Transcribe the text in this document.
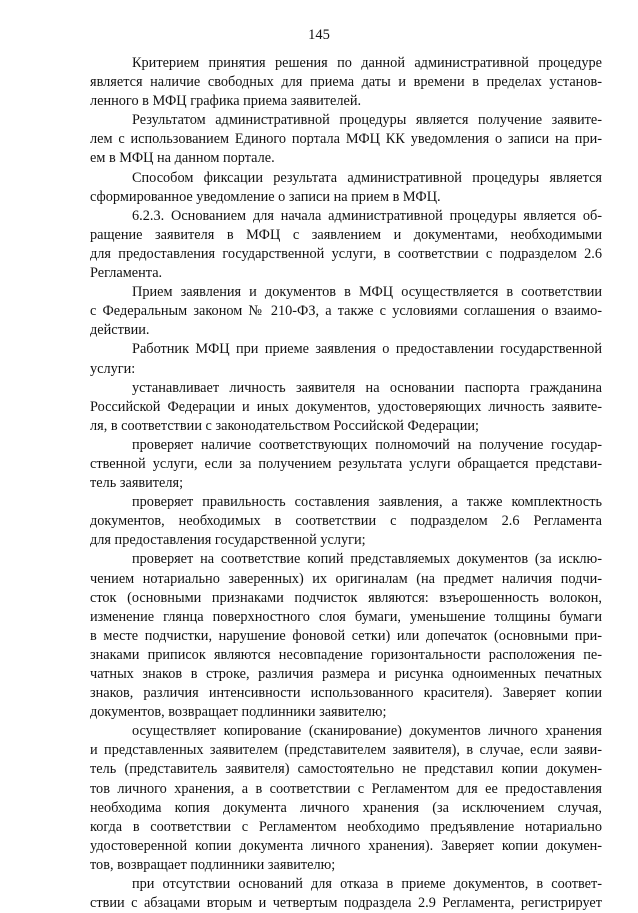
145
Критерием принятия решения по данной административной процедуре
является наличие свободных для приема даты и времени в пределах установ-
ленного в МФЦ графика приема заявителей.
Результатом административной процедуры является получение заявите-
лем с использованием Единого портала МФЦ КК уведомления о записи на при-
ем в МФЦ на данном портале.
Способом фиксации результата административной процедуры является
сформированное уведомление о записи на прием в МФЦ.
6.2.3. Основанием для начала административной процедуры является об-
ращение заявителя в МФЦ с заявлением и документами, необходимыми
для предоставления государственной услуги, в соответствии с подразделом 2.6
Регламента.
Прием заявления и документов в МФЦ осуществляется в соответствии
с Федеральным законом № 210-ФЗ, а также с условиями соглашения о взаимо-
действии.
Работник МФЦ при приеме заявления о предоставлении государственной
услуги:
устанавливает личность заявителя на основании паспорта гражданина
Российской Федерации и иных документов, удостоверяющих личность заявите-
ля, в соответствии с законодательством Российской Федерации;
проверяет наличие соответствующих полномочий на получение государ-
ственной услуги, если за получением результата услуги обращается представи-
тель заявителя;
проверяет правильность составления заявления, а также комплектность
документов, необходимых в соответствии с подразделом 2.6 Регламента
для предоставления государственной услуги;
проверяет на соответствие копий представляемых документов (за исклю-
чением нотариально заверенных) их оригиналам (на предмет наличия подчи-
сток (основными признаками подчисток являются: взъерошенность волокон,
изменение глянца поверхностного слоя бумаги, уменьшение толщины бумаги
в месте подчистки, нарушение фоновой сетки) или допечаток (основными при-
знаками приписок являются несовпадение горизонтальности расположения пе-
чатных знаков в строке, различия размера и рисунка одноименных печатных
знаков, различия интенсивности использованного красителя). Заверяет копии
документов, возвращает подлинники заявителю;
осуществляет копирование (сканирование) документов личного хранения
и представленных заявителем (представителем заявителя), в случае, если заяви-
тель (представитель заявителя) самостоятельно не представил копии докумен-
тов личного хранения, а в соответствии с Регламентом для ее предоставления
необходима копия документа личного хранения (за исключением случая,
когда в соответствии с Регламентом необходимо предъявление нотариально
удостоверенной копии документа личного хранения). Заверяет копии докумен-
тов, возвращает подлинники заявителю;
при отсутствии оснований для отказа в приеме документов, в соответ-
ствии с абзацами вторым и четвертым подраздела 2.9 Регламента, регистрирует
